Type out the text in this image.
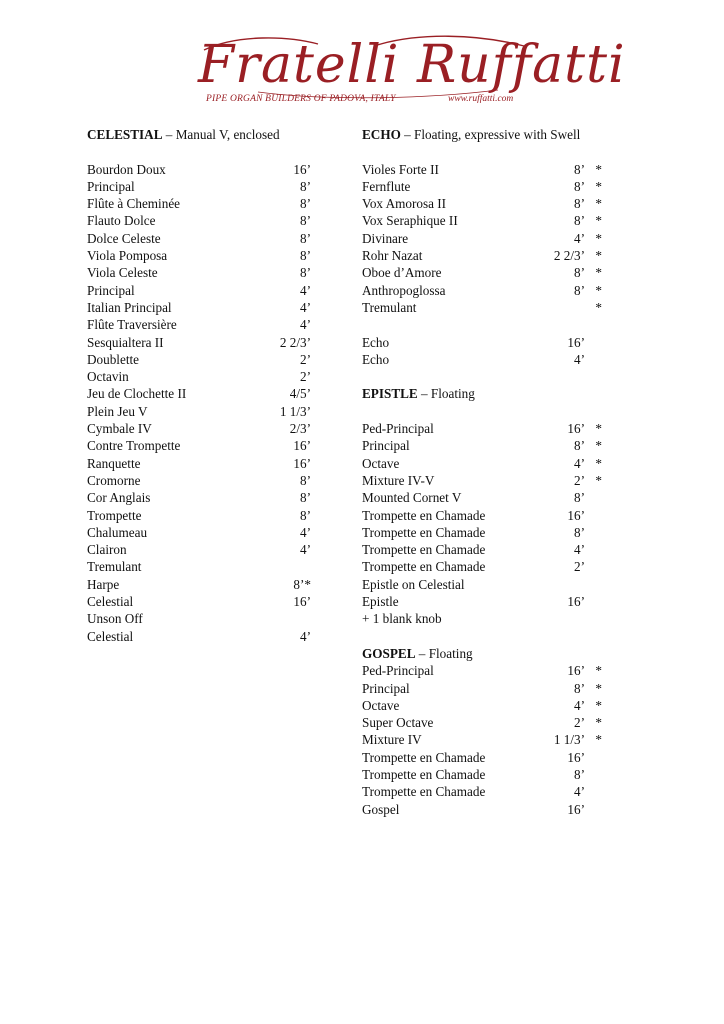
Fratelli Ruffatti
PIPE ORGAN BUILDERS OF PADOVA, ITALY	www.ruffatti.com
CELESTIAL – Manual V, enclosed
Bourdon Doux	16’
Principal	8’
Flûte à Cheminée	8’
Flauto Dolce	8’
Dolce Celeste	8’
Viola Pomposa	8’
Viola Celeste	8’
Principal	4’
Italian Principal	4’
Flûte Traversière	4’
Sesquialtera II	2 2/3’
Doublette	2’
Octavin	2’
Jeu de Clochette II	4/5’
Plein Jeu V	1 1/3’
Cymbale IV	2/3’
Contre Trompette	16’
Ranquette	16’
Cromorne	8’
Cor Anglais	8’
Trompette	8’
Chalumeau	4’
Clairon	4’
Tremulant
Harpe	8’*
Celestial	16’
Unson Off
Celestial	4’
ECHO – Floating, expressive with Swell
Violes Forte II	8’ *
Fernflute	8’ *
Vox Amorosa II	8’ *
Vox Seraphique II	8’ *
Divinare	4’ *
Rohr Nazat	2 2/3’ *
Oboe d’Amore	8’ *
Anthropoglossa	8’ *
Tremulant	*
Echo	16’
Echo	4’
EPISTLE – Floating
Ped-Principal	16’ *
Principal	8’ *
Octave	4’ *
Mixture IV-V	2’ *
Mounted Cornet V	8’
Trompette en Chamade	16’
Trompette en Chamade	8’
Trompette en Chamade	4’
Trompette en Chamade	2’
Epistle on Celestial
Epistle	16’
+ 1 blank knob
GOSPEL – Floating
Ped-Principal	16’ *
Principal	8’ *
Octave	4’ *
Super Octave	2’ *
Mixture IV	1 1/3’ *
Trompette en Chamade	16’
Trompette en Chamade	8’
Trompette en Chamade	4’
Gospel	16’
